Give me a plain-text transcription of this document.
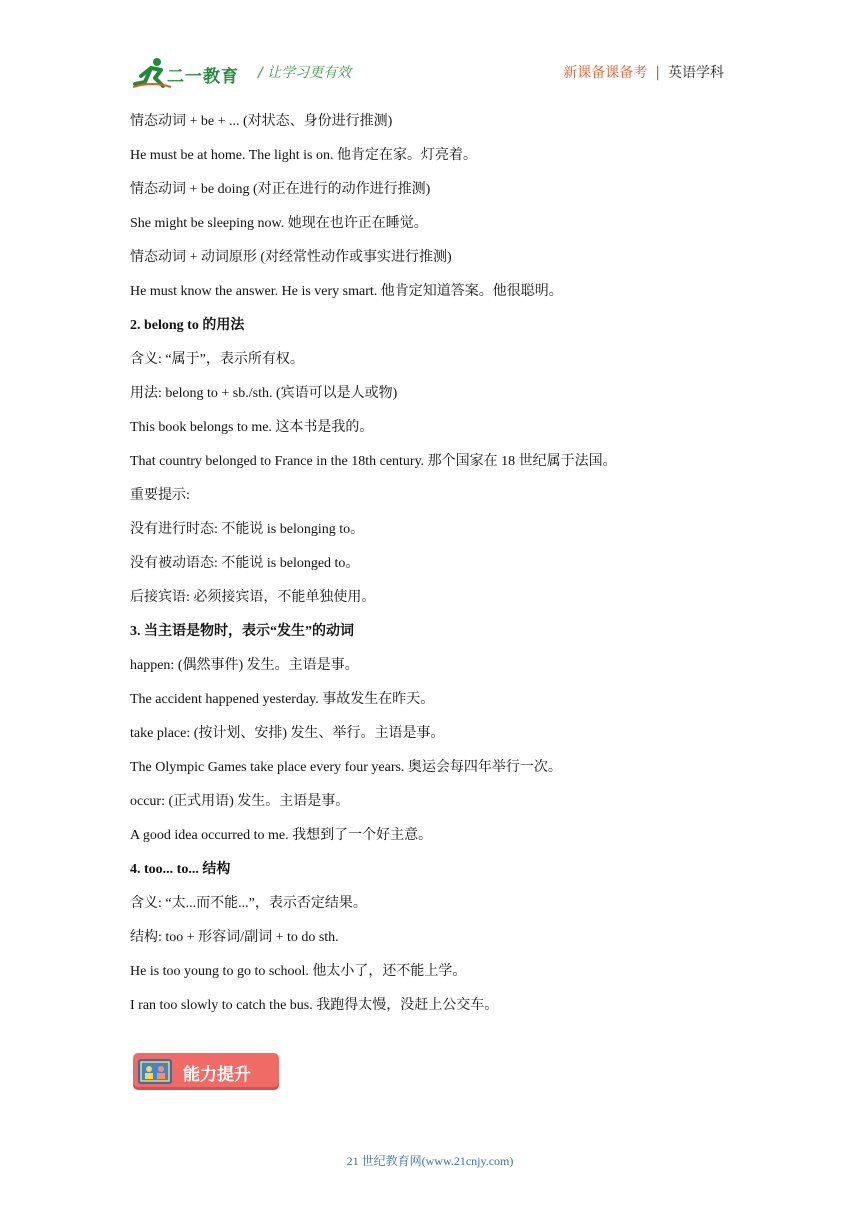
二一教育 / 让学习更有效	新课备课备考 | 英语学科
情态动词 + be + ... (对状态、身份进行推测)
He must be at home. The light is on. 他肯定在家。灯亮着。
情态动词 + be doing (对正在进行的动作进行推测)
She might be sleeping now. 她现在也许正在睡觉。
情态动词 + 动词原形 (对经常性动作或事实进行推测)
He must know the answer. He is very smart. 他肯定知道答案。他很聪明。
2. belong to 的用法
含义: “属于”，表示所有权。
用法: belong to + sb./sth. (宾语可以是人或物)
This book belongs to me. 这本书是我的。
That country belonged to France in the 18th century. 那个国家在 18 世纪属于法国。
重要提示:
没有进行时态: 不能说 is belonging to。
没有被动语态: 不能说 is belonged to。
后接宾语: 必须接宾语，不能单独使用。
3. 当主语是物时，表示“发生”的动词
happen: (偶然事件) 发生。主语是事。
The accident happened yesterday. 事故发生在昨天。
take place: (按计划、安排) 发生、举行。主语是事。
The Olympic Games take place every four years. 奥运会每四年举行一次。
occur: (正式用语) 发生。主语是事。
A good idea occurred to me. 我想到了一个好主意。
4. too... to... 结构
含义: “太...而不能...”，表示否定结果。
结构: too + 形容词/副词 + to do sth.
He is too young to go to school. 他太小了，还不能上学。
I ran too slowly to catch the bus. 我跑得太慢，没赶上公交车。
能力提升
21 世纪教育网(www.21cnjy.com)
